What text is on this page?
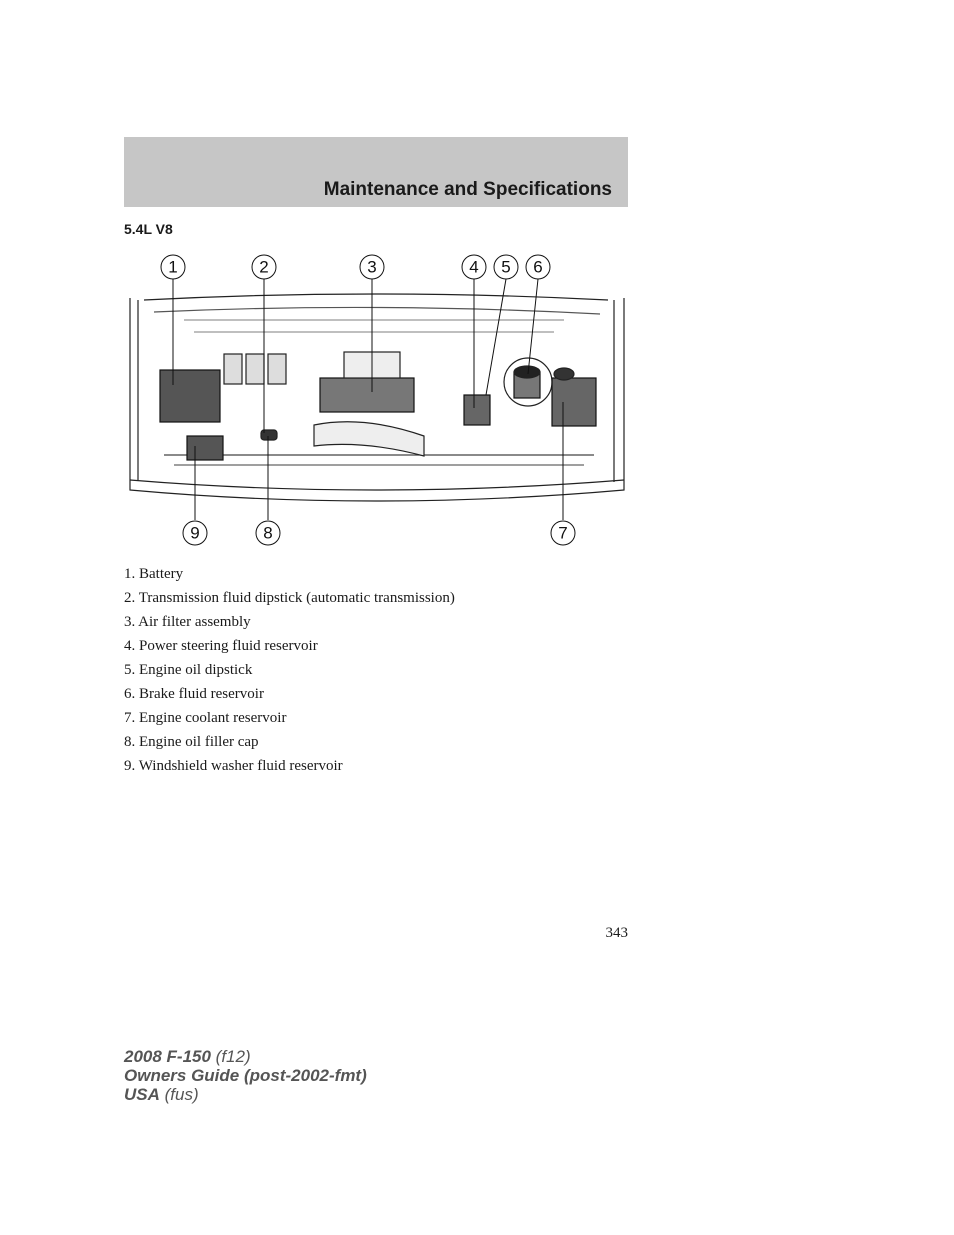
Maintenance and Specifications
5.4L V8
1	2	3	4 5 6
7
8
9
1. Battery
2. Transmission fluid dipstick (automatic transmission)
3. Air filter assembly
4. Power steering fluid reservoir
5. Engine oil dipstick
6. Brake fluid reservoir
7. Engine coolant reservoir
8. Engine oil filler cap
9. Windshield washer fluid reservoir
343
2008 F-150 (f12)
Owners Guide (post-2002-fmt)
USA (fus)
